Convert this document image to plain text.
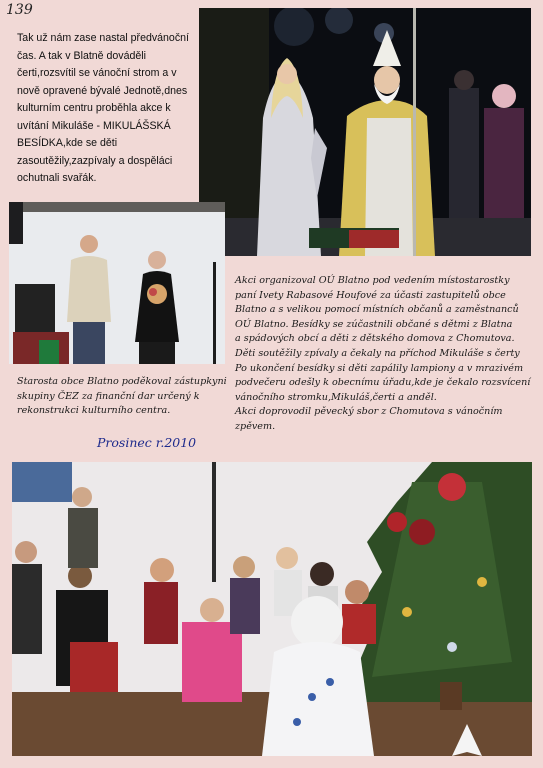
139
Tak už nám zase nastal předvánoční čas. A tak v Blatně dováděli čerti,rozsvítil se vánoční strom a v nově opravené bývalé Jednotě,dnes kulturním centru proběhla akce k uvítání Mikuláše - MIKULÁŠSKÁ BESÍDKA,kde se děti zasoutěžily,zazpívaly a dospěláci ochutnali svařák.
Akci organizoval OÚ Blatno pod vedením místostarostky
paní Ivety Rabasové Houfové za účasti zastupitelů obce
Blatno a s velikou pomocí místních občanů a zaměstnanců
OÚ Blatno. Besídky se zúčastnili občané s dětmi z Blatna
a spádových obcí a děti z dětského domova z Chomutova.
Děti soutěžily zpívaly a čekaly na příchod Mikuláše s čerty
Po ukončení besídky si děti zapálily lampiony a v mrazivém
podvečeru odešly k obecnímu úřadu,kde je čekalo rozsvícení
vánočního stromku,Mikuláš,čerti a anděl.
Akci doprovodil pěvecký sbor z Chomutova s vánočním
zpěvem.
Starosta obce Blatno poděkoval zástupkyni skupiny ČEZ za finanční dar určený k rekonstrukci kulturního centra.
Prosinec r.2010
